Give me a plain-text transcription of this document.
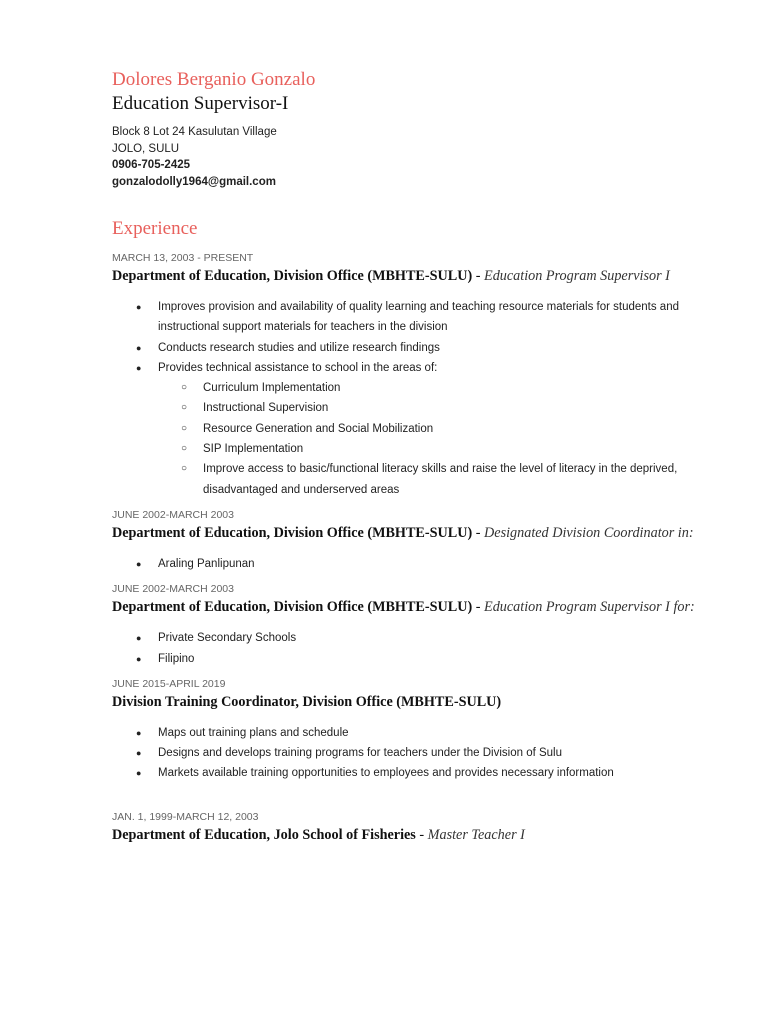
Dolores Berganio Gonzalo

Education Supervisor-I

Block 8 Lot 24 Kasulutan Village
JOLO, SULU
0906-705-2425
gonzalodolly1964@gmail.com
Experience
MARCH 13, 2003 - PRESENT
Department of Education, Division Office (MBHTE-SULU) - Education Program Supervisor I
● Improves provision and availability of quality learning and teaching resource materials for students and instructional support materials for teachers in the division
● Conducts research studies and utilize research findings
● Provides technical assistance to school in the areas of:
○ Curriculum Implementation
○ Instructional Supervision
○ Resource Generation and Social Mobilization
○ SIP Implementation
○ Improve access to basic/functional literacy skills and raise the level of literacy in the deprived, disadvantaged and underserved areas
JUNE 2002-MARCH 2003
Department of Education, Division Office (MBHTE-SULU) - Designated Division Coordinator in:
● Araling Panlipunan
JUNE 2002-MARCH 2003
Department of Education, Division Office (MBHTE-SULU) - Education Program Supervisor I for:
● Private Secondary Schools
● Filipino
JUNE 2015-APRIL 2019
Division Training Coordinator, Division Office (MBHTE-SULU)
● Maps out training plans and schedule
● Designs and develops training programs for teachers under the Division of Sulu
● Markets available training opportunities to employees and provides necessary information
JAN. 1, 1999-MARCH 12, 2003
Department of Education, Jolo School of Fisheries - Master Teacher I
